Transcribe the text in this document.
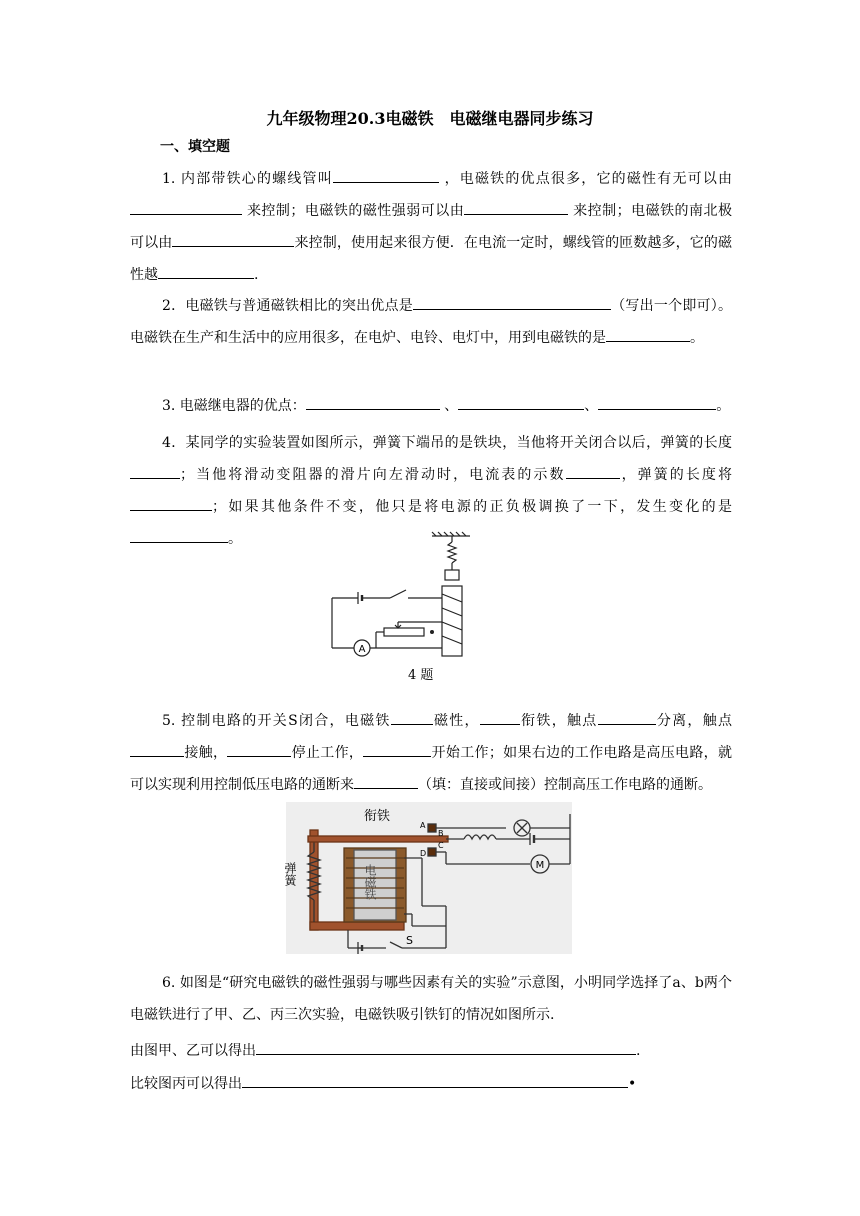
九年级物理20.3电磁铁　电磁继电器同步练习
一、填空题
1. 内部带铁心的螺线管叫	，电磁铁的优点很多，它的磁性有无可以由 来控制；电磁铁的磁性强弱可以由	来控制；电磁铁的南北极可以由	来控制，使用起来很方便．在电流一定时，螺线管的匝数越多，它的磁性越	.
2．电磁铁与普通磁铁相比的突出优点是	（写出一个即可）。电磁铁在生产和生活中的应用很多，在电炉、电铃、电灯中，用到电磁铁的是	。
3. 电磁继电器的优点：	、	、	。
4．某同学的实验装置如图所示，弹簧下端吊的是铁块，当他将开关闭合以后，弹簧的长度；当他将滑动变阻器的滑片向左滑动时，电流表的示数	，弹簧的长度将；如果其他条件不变，他只是将电源的正负极调换了一下，发生变化的是。
A
4 题
5. 控制电路的开关S闭合，电磁铁	磁性，	衔铁，触点	分离，触点接触，	停止工作，	开始工作；如果右边的工作电路是高压电路，就可以实现利用控制低压电路的通断来	（填：直接或间接）控制高压工作电路的通断。
衔铁
弹簧	电磁铁
S
A
B
C
D
M
6. 如图是“研究电磁铁的磁性强弱与哪些因素有关的实验”示意图，小明同学选择了a、b两个电磁铁进行了甲、乙、丙三次实验，电磁铁吸引铁钉的情况如图所示.
由图甲、乙可以得出	.
比较图丙可以得出	•
